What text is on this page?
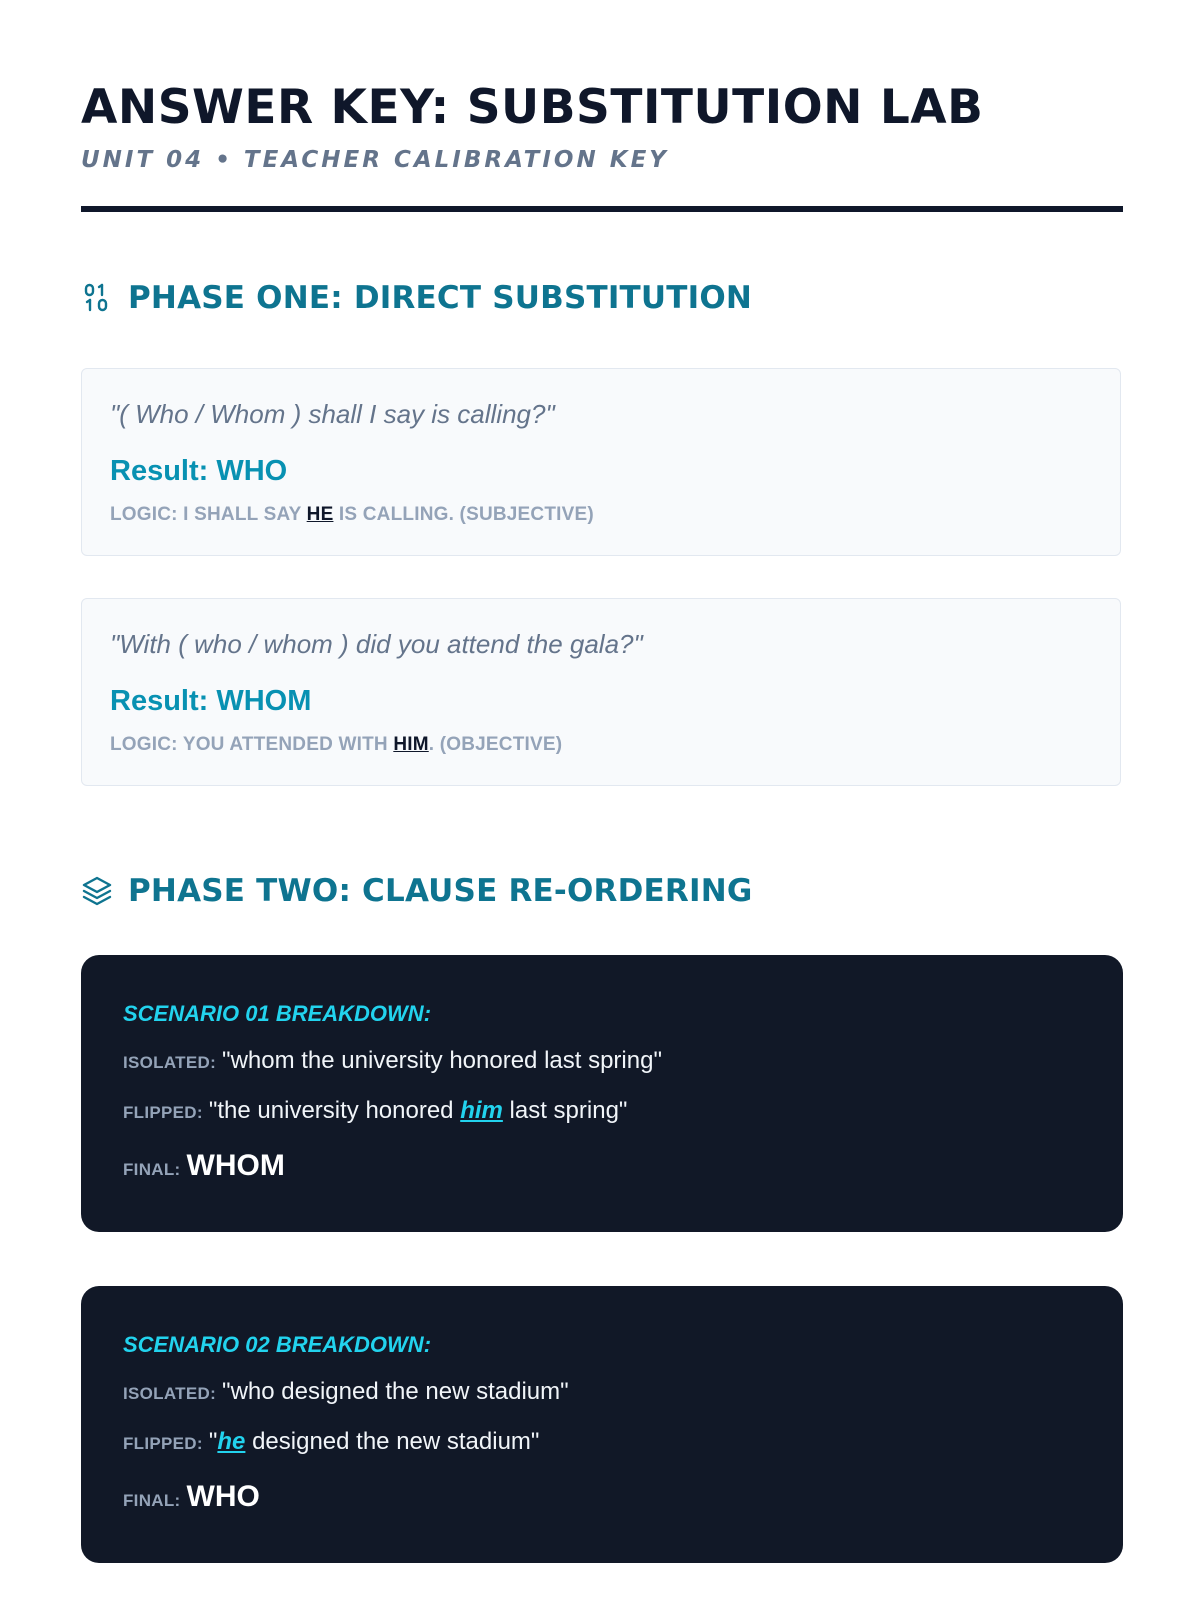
ANSWER KEY: SUBSTITUTION LAB
UNIT 04 • TEACHER CALIBRATION KEY
PHASE ONE: DIRECT SUBSTITUTION
"( Who / Whom ) shall I say is calling?"
Result: WHO
LOGIC: I SHALL SAY HE IS CALLING. (SUBJECTIVE)
"With ( who / whom ) did you attend the gala?"
Result: WHOM
LOGIC: YOU ATTENDED WITH HIM. (OBJECTIVE)
PHASE TWO: CLAUSE RE-ORDERING
SCENARIO 01 BREAKDOWN:
ISOLATED: "whom the university honored last spring"
FLIPPED: "the university honored him last spring"
FINAL: WHOM
SCENARIO 02 BREAKDOWN:
ISOLATED: "who designed the new stadium"
FLIPPED: "he designed the new stadium"
FINAL: WHO
